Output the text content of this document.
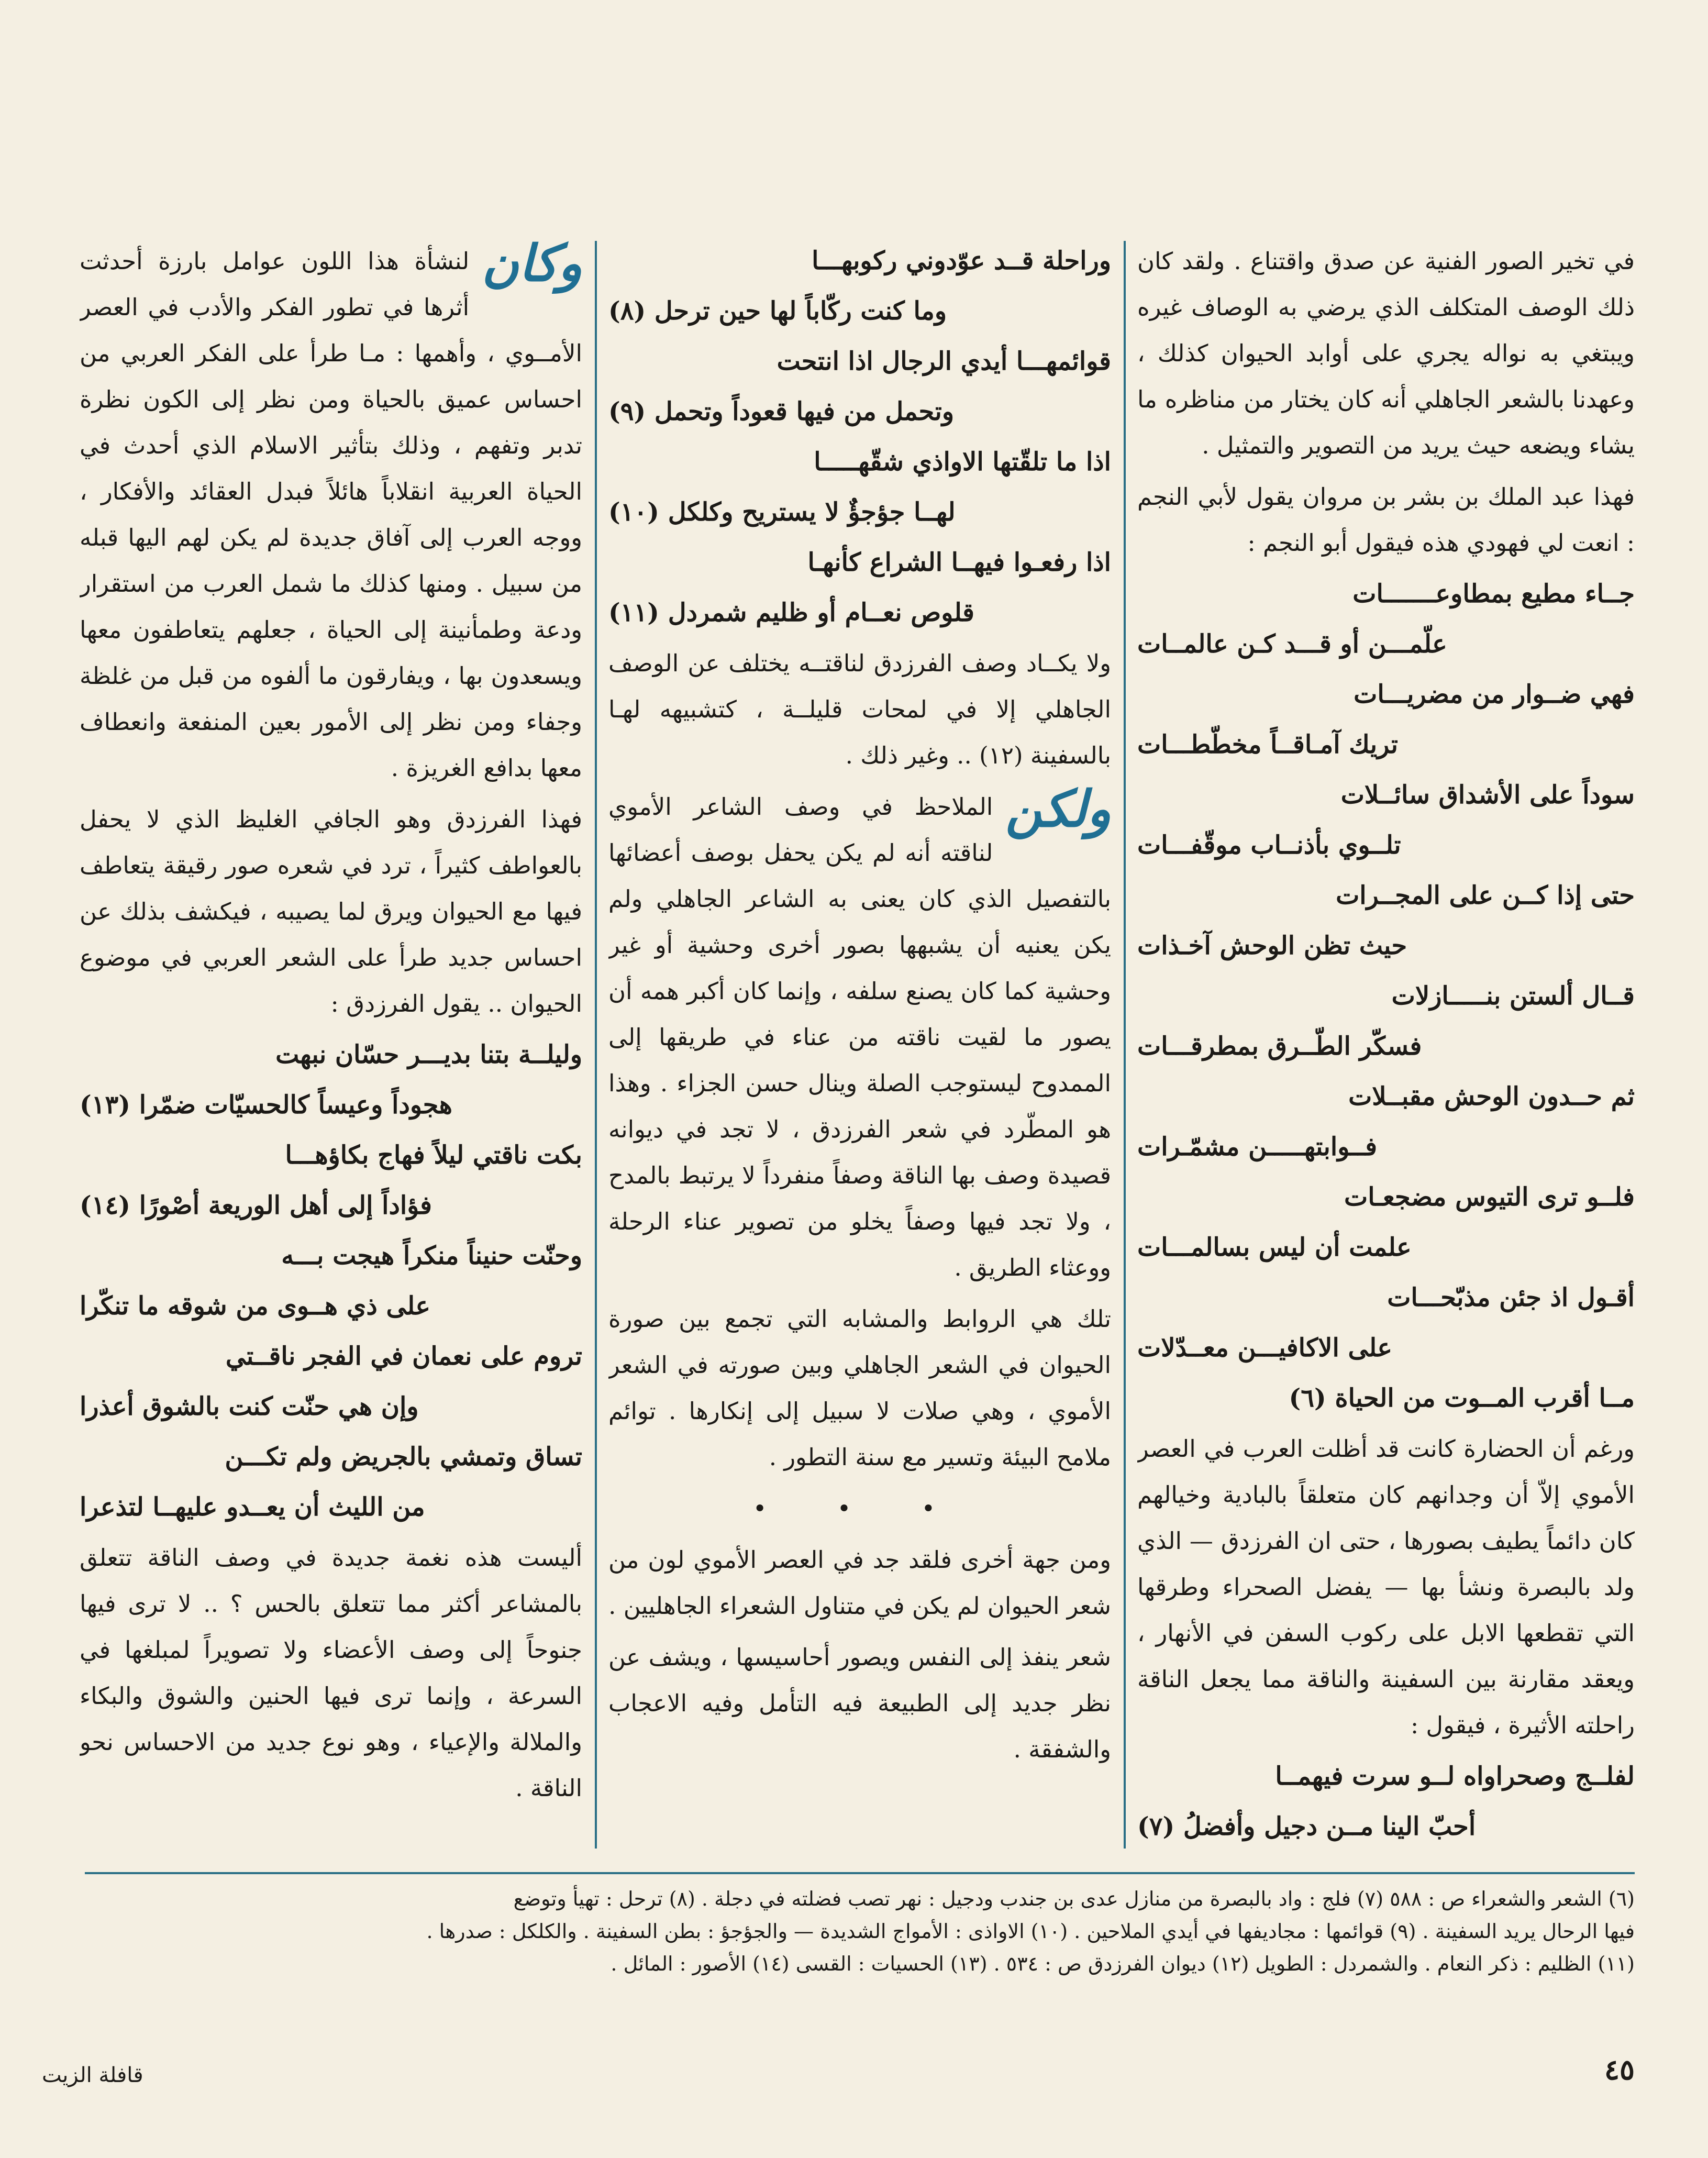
في تخير الصور الفنية عن صدق واقتناع . ولقد كان ذلك الوصف المتكلف الذي يرضي به الوصاف غيره ويبتغي به نواله يجري على أوابد الحيوان كذلك ، وعهدنا بالشعر الجاهلي أنه كان يختار من مناظره ما يشاء ويضعه حيث يريد من التصوير والتمثيل .

فهذا عبد الملك بن بشر بن مروان يقول لأبي النجم : انعت لي فهودي هذه فيقول أبو النجم :

جــاء مطيع بمطاوعـــــــات

علّمـــن أو قـــد كـن عالمــات

فهي ضــوار من مضريـــات

تريك آمـاقــاً مخطّطـــات

سوداً على الأشداق سائــلات

تلــوي بأذنــاب موقّفـــات

حتى إذا كــن على المجــرات

حيث تظن الوحش آخـذات

قــال ألستن بنـــــازلات

فسكّر الطّــرق بمطرقـــات

ثم حــدون الوحش مقبــلات

فــوابتهـــــن مشمّـرات

فلــو ترى التيوس مضجعـات

علمت أن ليس بسالمـــات

أقـول اذ جئن مذبّحـــات

على الاكافيـــن معــدّلات

مــا أقرب المــوت من الحياة (٦)

ورغم أن الحضارة كانت قد أظلت العرب في العصر الأموي إلاّ أن وجدانهم كان متعلقاً بالبادية وخيالهم كان دائماً يطيف بصورها ، حتى ان الفرزدق — الذي ولد بالبصرة ونشأ بها — يفضل الصحراء وطرقها التي تقطعها الابل على ركوب السفن في الأنهار ، ويعقد مقارنة بين السفينة والناقة مما يجعل الناقة راحلته الأثيرة ، فيقول :

لفلــج وصحراواه لــو سرت فيهمــا

أحبّ الينا مــن دجيل وأفضلُ (٧)

وراحلة قــد عوّدوني ركوبهـــا

وما كنت ركّاباً لها حين ترحل (٨)

قوائمهـــا أيدي الرجال اذا انتحت

وتحمل من فيها قعوداً وتحمل (٩)

اذا ما تلقّتها الاواذي شقّهـــــا

لهــا جؤجؤٌ لا يستريح وكلكل (١٠)

اذا رفعـوا فيهــا الشراع كأنهـا

قلوص نعــام أو ظليم شمردل (١١)

ولا يكــاد وصف الفرزدق لناقتــه يختلف عن الوصف الجاهلي إلا في لمحات قليلــة ، كتشبيهه لهـا بالسفينة (١٢) .. وغير ذلك .

ولكن
الملاحظ في وصف الشاعر الأموي لناقته أنه لم يكن يحفل بوصف أعضائها بالتفصيل الذي كان يعنى به الشاعر الجاهلي ولم يكن يعنيه أن يشبهها بصور أخرى وحشية أو غير وحشية كما كان يصنع سلفه ، وإنما كان أكبر همه أن يصور ما لقيت ناقته من عناء في طريقها إلى الممدوح ليستوجب الصلة وينال حسن الجزاء . وهذا هو المطّرد في شعر الفرزدق ، لا تجد في ديوانه قصيدة وصف بها الناقة وصفاً منفرداً لا يرتبط بالمدح ، ولا تجد فيها وصفاً يخلو من تصوير عناء الرحلة ووعثاء الطريق .

تلك هي الروابط والمشابه التي تجمع بين صورة الحيوان في الشعر الجاهلي وبين صورته في الشعر الأموي ، وهي صلات لا سبيل إلى إنكارها . توائم ملامح البيئة وتسير مع سنة التطور .

• • •

ومن جهة أخرى فلقد جد في العصر الأموي لون من شعر الحيوان لم يكن في متناول الشعراء الجاهليين .

شعر ينفذ إلى النفس ويصور أحاسيسها ، ويشف عن نظر جديد إلى الطبيعة فيه التأمل وفيه الاعجاب والشفقة .

وكان
لنشأة هذا اللون عوامل بارزة أحدثت أثرها في تطور الفكر والأدب في العصر الأمــوي ، وأهمها : مـا طرأ على الفكر العربي من احساس عميق بالحياة ومن نظر إلى الكون نظرة تدبر وتفهم ، وذلك بتأثير الاسلام الذي أحدث في الحياة العربية انقلاباً هائلاً فبدل العقائد والأفكار ، ووجه العرب إلى آفاق جديدة لم يكن لهم اليها قبله من سبيل . ومنها كذلك ما شمل العرب من استقرار ودعة وطمأنينة إلى الحياة ، جعلهم يتعاطفون معها ويسعدون بها ، ويفارقون ما ألفوه من قبل من غلظة وجفاء ومن نظر إلى الأمور بعين المنفعة وانعطاف معها بدافع الغريزة .

فهذا الفرزدق وهو الجافي الغليظ الذي لا يحفل بالعواطف كثيراً ، ترد في شعره صور رقيقة يتعاطف فيها مع الحيوان ويرق لما يصيبه ، فيكشف بذلك عن احساس جديد طرأ على الشعر العربي في موضوع الحيوان .. يقول الفرزدق :

وليلــة بتنا بديـــر حسّان نبهت

هجوداً وعيساً كالحسيّات ضمّرا (١٣)

بكت ناقتي ليلاً فهاج بكاؤهـــا

فؤاداً إلى أهل الوريعة أصْورًا (١٤)

وحنّت حنيناً منكراً هيجت بـــه

على ذي هــوى من شوقه ما تنكّرا

تروم على نعمان في الفجر ناقــتي

وإن هي حنّت كنت بالشوق أعذرا

تساق وتمشي بالجريض ولم تكـــن

من الليث أن يعــدو عليهــا لتذعرا

أليست هذه نغمة جديدة في وصف الناقة تتعلق بالمشاعر أكثر مما تتعلق بالحس ؟ .. لا ترى فيها جنوحاً إلى وصف الأعضاء ولا تصويراً لمبلغها في السرعة ، وإنما ترى فيها الحنين والشوق والبكاء والملالة والإعياء ، وهو نوع جديد من الاحساس نحو الناقة .

(٦) الشعر والشعراء ص : ٥٨٨ (٧) فلج : واد بالبصرة من منازل عدى بن جندب ودجيل : نهر تصب فضلته في دجلة . (٨) ترحل : تهيأ وتوضع

فيها الرحال يريد السفينة . (٩) قوائمها : مجاديفها في أيدي الملاحين . (١٠) الاواذى : الأمواج الشديدة — والجؤجؤ : بطن السفينة . والكلكل : صدرها .

(١١) الظليم : ذكر النعام . والشمردل : الطويل (١٢) ديوان الفرزدق ص : ٥٣٤ . (١٣) الحسيات : القسى (١٤) الأصور : المائل .

٤٥
قافلة الزيت
